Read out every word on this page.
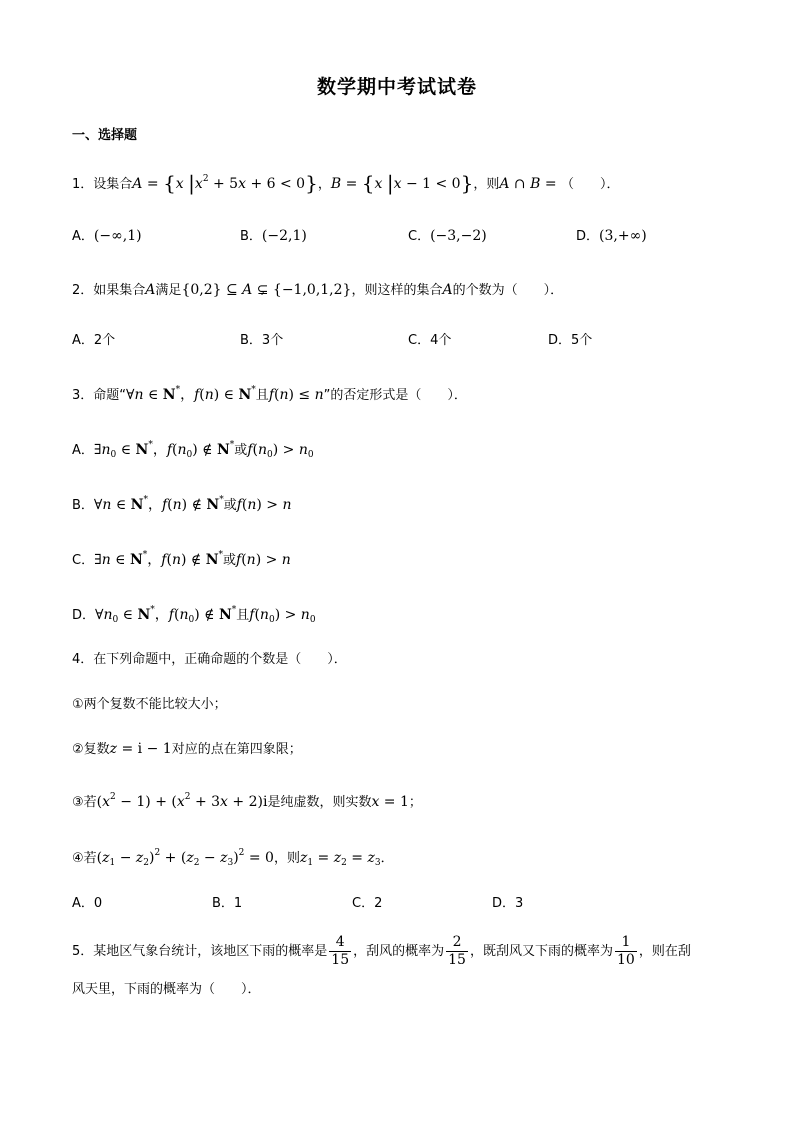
数学期中考试试卷
一、选择题
1．设集合A = {x $|x^2 + 5x + 6 < 0$}，B = {x |x − 1 < 0}，则A ∩ B = （　　）．
A．(−∞,1)	B．(−2,1)	C．(−3,−2)	D．(3,+∞)
2．如果集合A满足{0,2} ⊆ A ⊊ {−1,0,1,2}，则这样的集合A的个数为（　　）．
A．2个	B．3个	C．4个	D．5个
3．命题“∀n ∈ N*，f(n) ∈ N*且f(n) ≤ n”的否定形式是（　　）．
A．$\exists n_0$ ∈ N*，$f(n_0)$ ∉ N*或$f(n_0) > n_0$
B．∀n ∈ N*，f(n) ∉ N*或f(n) > n
C．∃n ∈ N*，f(n) ∉ N*或f(n) > n
D．$\forall n_0$ ∈ N*，$f(n_0)$ ∉ N*且$f(n_0) > n_0$
4．在下列命题中，正确命题的个数是（　　）．
①两个复数不能比较大小；
②复数z = i − 1对应的点在第四象限；
③若$(x^2 - 1) + (x^2 + 3x + 2)i$是纯虚数，则实数x = 1；
④若$(z_1 - z_2)^2 + (z_2 - z_3)^2 = 0$，则$z_1 = z_2 = z_3$．
A．0	B．1	C．2	D．3
5．某地区气象台统计，该地区下雨的概率是 $\frac{4}{15}$ ，刮风的概率为 $\frac{2}{15}$ ，既刮风又下雨的概率为 $\frac{1}{10}$ ，则在刮
风天里，下雨的概率为（　　）．
